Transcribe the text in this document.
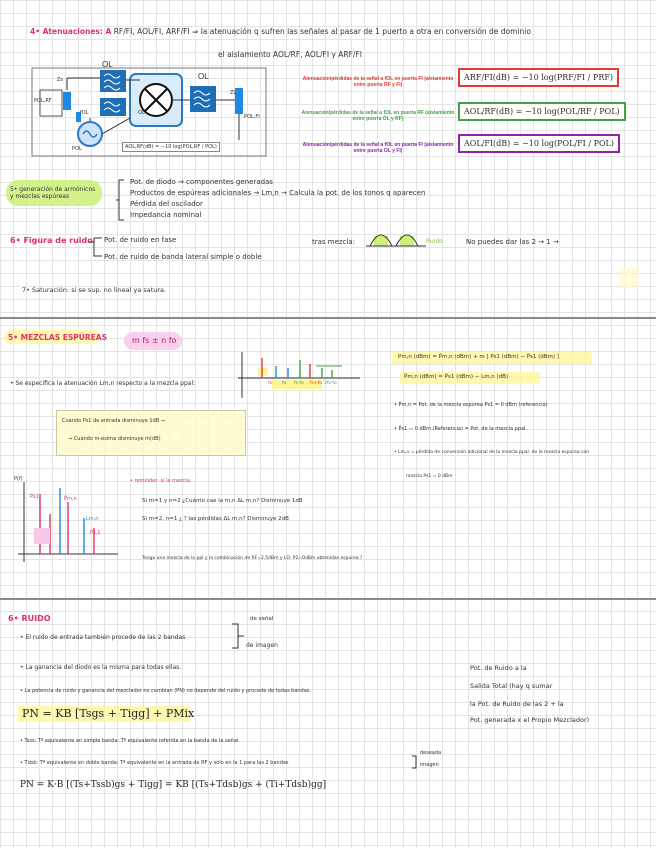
4• Atenuaciones: A RF/FI, AOL/FI, ARF/FI ⇒ la atenuación q sufren las señales al pasar de 1 puerto a otra en conversión de dominio
el aislamiento AOL/RF, AOL/FI y ARF/FI
OL
OL
POL,RF
POL,FI
POL
fOL
Zs
ZL
OL
AOL,RF(dB) = −10 log(POL,RF / POL)
Atenuación/pérdidas de la señal a fOL en puerta FI (aislamiento entre puerta RF y FI)
ARF/FI(dB) = −10 log(PRF/FI / PRF)
Atenuación/pérdidas de la señal a fOL en puerta RF (aislamiento entre puerta OL y RF)
AOL/RF(dB) = −10 log(POL/RF / POL)
Atenuación/pérdidas de la señal a fOL en puerta FI (aislamiento entre puerta OL y FI)
AOL/FI(dB) = −10 log(POL/FI / POL)
5• generación de armónicos y mezclas espúreas
Pot. de diodo → componentes generadas
Productos de espúreas adicionales → Lm,n → Calcula la pot. de los tonos q aparecen
Pérdida del oscilador
Impedancia nominal
6• Figura de ruido Pot. de ruido en fase
Pot. de ruido de banda lateral simple o doble
tras mezcla:	Ruido	No puedes dar las 2 → 1 →
7• Saturación: si se sup. no lineal ya satura.
5• MEZCLAS ESPÚREAS	m fs ± n fo
• Se especifica la atenuación Lm,n respecto a la mezcla ppal:	fs fo fs-fo fs+fo 2fs-fo
Pm,n (dBm) = P̃m,n (dBm) + m [ Ps1 (dBm) − P̃s1 (dBm) ]
P̃m,n (dBm) = P̃s1 (dBm) − Lm,n (dB)
• P̃m,n = Pot. de la mezcla espúrea Ps1 = 0 dBm (referencia)
• P̃s1 − 0 dBm (Referencia) = Pot. de la mezcla ppal.
• Lm,n = pérdida de conversión adicional de la mezcla ppal. de la mezcla espúrea con
mezcla Ps1 = 0 dBm
Cuando Ps1 de entrada disminuye 1dB ⇒
⇒ Cuando m-ésima disminuye m(dB)
P(f)
P̃s1	P̃m,n
P̃s,1
Lm,n
• reminder: sí la mezcla
Si m=1 y n=2 ¿Cuánto cae la m,n ΔL m,n? Disminuye 1dB
Si m=2, n=1 ¿ ? las pérdidas ΔL m,n? Disminuye 2dB
Tengo una mezcla de la ppl y la combinación de RF=2.5dBm y LO: P2=0dBm obtenidas espúrea ?
6• RUIDO
• El ruido de entrada también procede de las 2 bandas
de señal
de imagen
• La ganancia del diodo es la misma para todas ellas.
• La potencia de ruido y ganancia del mezclador no cambian (PN) no depende del ruido y procede de todas bandas.
PN = KB [Tsgs + Tigg] + PMix
• Tsss: Tª equivalente en simple banda: Tª equivalente referida en la banda de la señal
• Tdsb: Tª equivalente en doble banda: Tª equivalente en la entrada de RF y sólo en la 1 para las 2 bandas
deseada
imagen
PN = K·B [(Ts+Tssb)gs + Tigg] = KB [(Ts+Tdsb)gs + (Ti+Tdsb)gg]
Pot. de Ruido a la
Salida Total (hay q sumar
la Pot. de Ruido de las 2 + la
Pot. generada x el Propio Mezclador)
